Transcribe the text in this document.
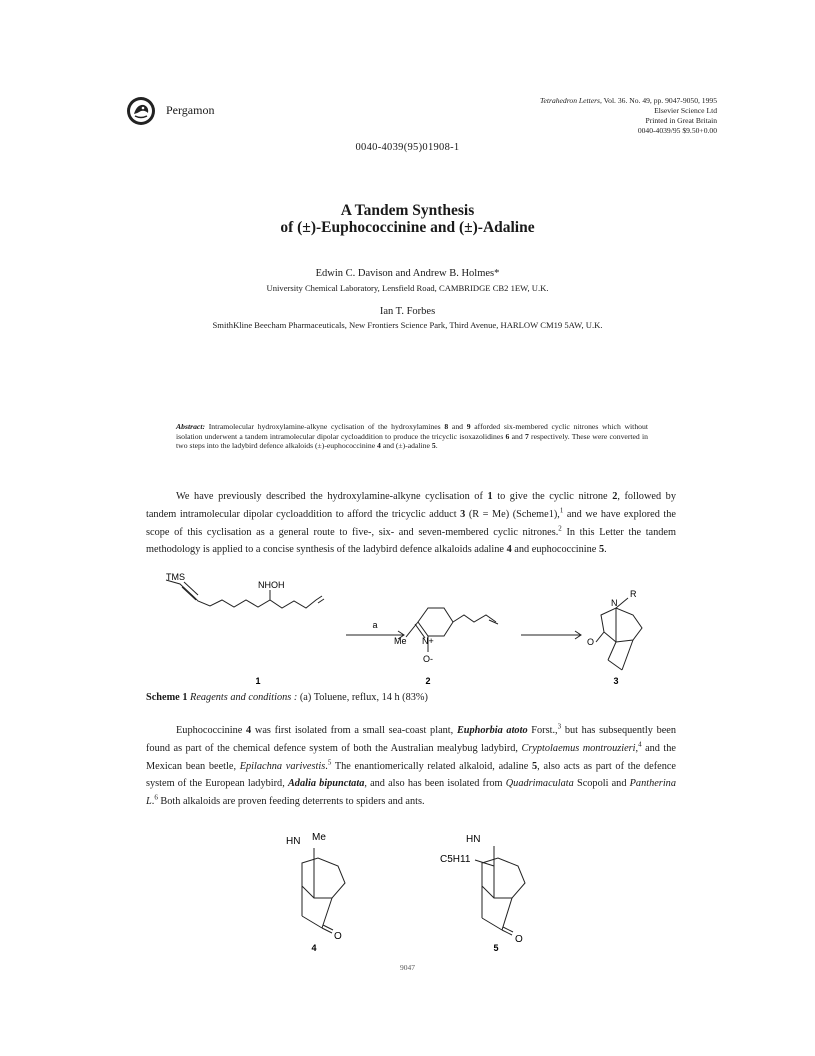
Pergamon
Tetrahedron Letters, Vol. 36. No. 49, pp. 9047-9050, 1995
Elsevier Science Ltd
Printed in Great Britain
0040-4039/95 $9.50+0.00
0040-4039(95)01908-1
A Tandem Synthesis
of (±)-Euphococcinine and (±)-Adaline
Edwin C. Davison and Andrew B. Holmes*
University Chemical Laboratory, Lensfield Road, CAMBRIDGE CB2 1EW, U.K.
Ian T. Forbes
SmithKline Beecham Pharmaceuticals, New Frontiers Science Park, Third Avenue, HARLOW CM19 5AW, U.K.
Abstract: Intramolecular hydroxylamine-alkyne cyclisation of the hydroxylamines 8 and 9 afforded six-membered cyclic nitrones which without isolation underwent a tandem intramolecular dipolar cycloaddition to produce the tricyclic isoxazolidines 6 and 7 respectively. These were converted in two steps into the ladybird defence alkaloids (±)-euphococcinine 4 and (±)-adaline 5.
We have previously described the hydroxylamine-alkyne cyclisation of 1 to give the cyclic nitrone 2, followed by tandem intramolecular dipolar cycloaddition to afford the tricyclic adduct 3 (R = Me) (Scheme1),$^1$ and we have explored the scope of this cyclisation as a general route to five-, six- and seven-membered cyclic nitrones.$^2$ In this Letter the tandem methodology is applied to a concise synthesis of the ladybird defence alkaloids adaline 4 and euphococcinine 5.
TMS
NHOH
a
Me N+
O-
R
N
O
1	2	3
Scheme 1 Reagents and conditions : (a) Toluene, reflux, 14 h (83%)
Euphococcinine 4 was first isolated from a small sea-coast plant, Euphorbia atoto Forst.,$^3$ but has subsequently been found as part of the chemical defence system of both the Australian mealybug ladybird, Cryptolaemus montrouzieri,$^4$ and the Mexican bean beetle, Epilachna varivestis.$^5$ The enantiomerically related alkaloid, adaline 5, also acts as part of the defence system of the European ladybird, Adalia bipunctata, and also has been isolated from Quadrimaculata Scopoli and Pantherina L.$^6$ Both alkaloids are proven feeding deterrents to spiders and ants.
HN Me
O
4
HN
C5H11
O
5
9047
